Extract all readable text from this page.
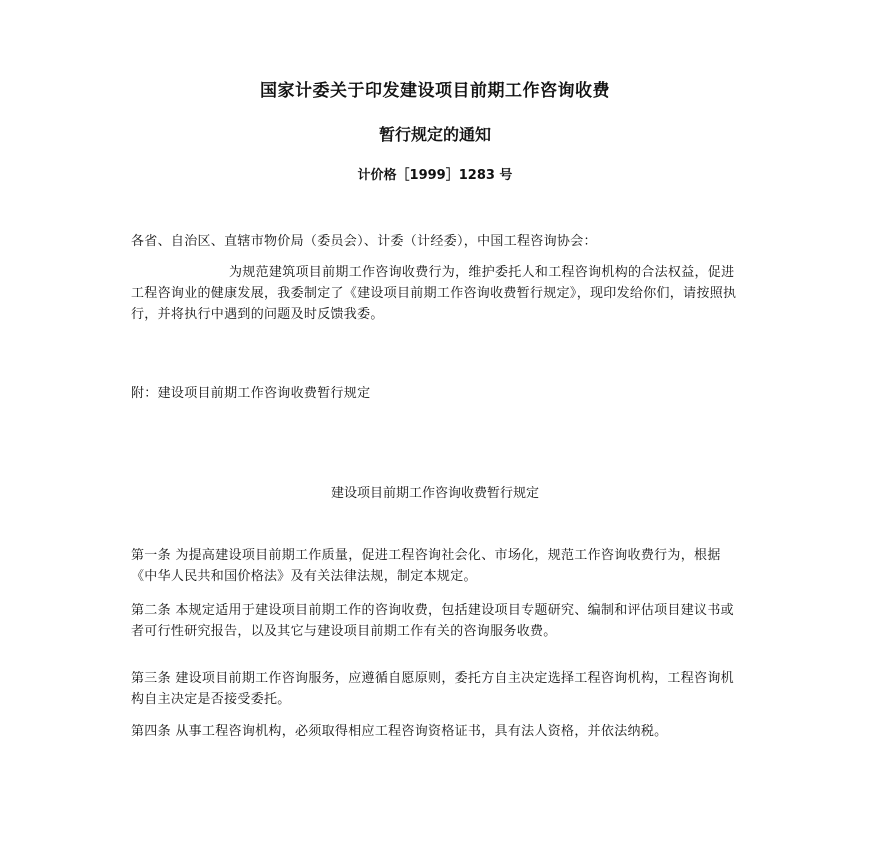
国家计委关于印发建设项目前期工作咨询收费
暂行规定的通知
计价格［1999］1283 号
各省、自治区、直辖市物价局（委员会）、计委（计经委），中国工程咨询协会：
为规范建筑项目前期工作咨询收费行为，维护委托人和工程咨询机构的合法权益，促进工程咨询业的健康发展，我委制定了《建设项目前期工作咨询收费暂行规定》，现印发给你们，请按照执行，并将执行中遇到的问题及时反馈我委。
附：建设项目前期工作咨询收费暂行规定
建设项目前期工作咨询收费暂行规定
第一条 为提高建设项目前期工作质量，促进工程咨询社会化、市场化，规范工作咨询收费行为，根据《中华人民共和国价格法》及有关法律法规，制定本规定。
第二条 本规定适用于建设项目前期工作的咨询收费，包括建设项目专题研究、编制和评估项目建议书或者可行性研究报告，以及其它与建设项目前期工作有关的咨询服务收费。
第三条 建设项目前期工作咨询服务，应遵循自愿原则，委托方自主决定选择工程咨询机构，工程咨询机构自主决定是否接受委托。
第四条 从事工程咨询机构，必须取得相应工程咨询资格证书，具有法人资格，并依法纳税。
